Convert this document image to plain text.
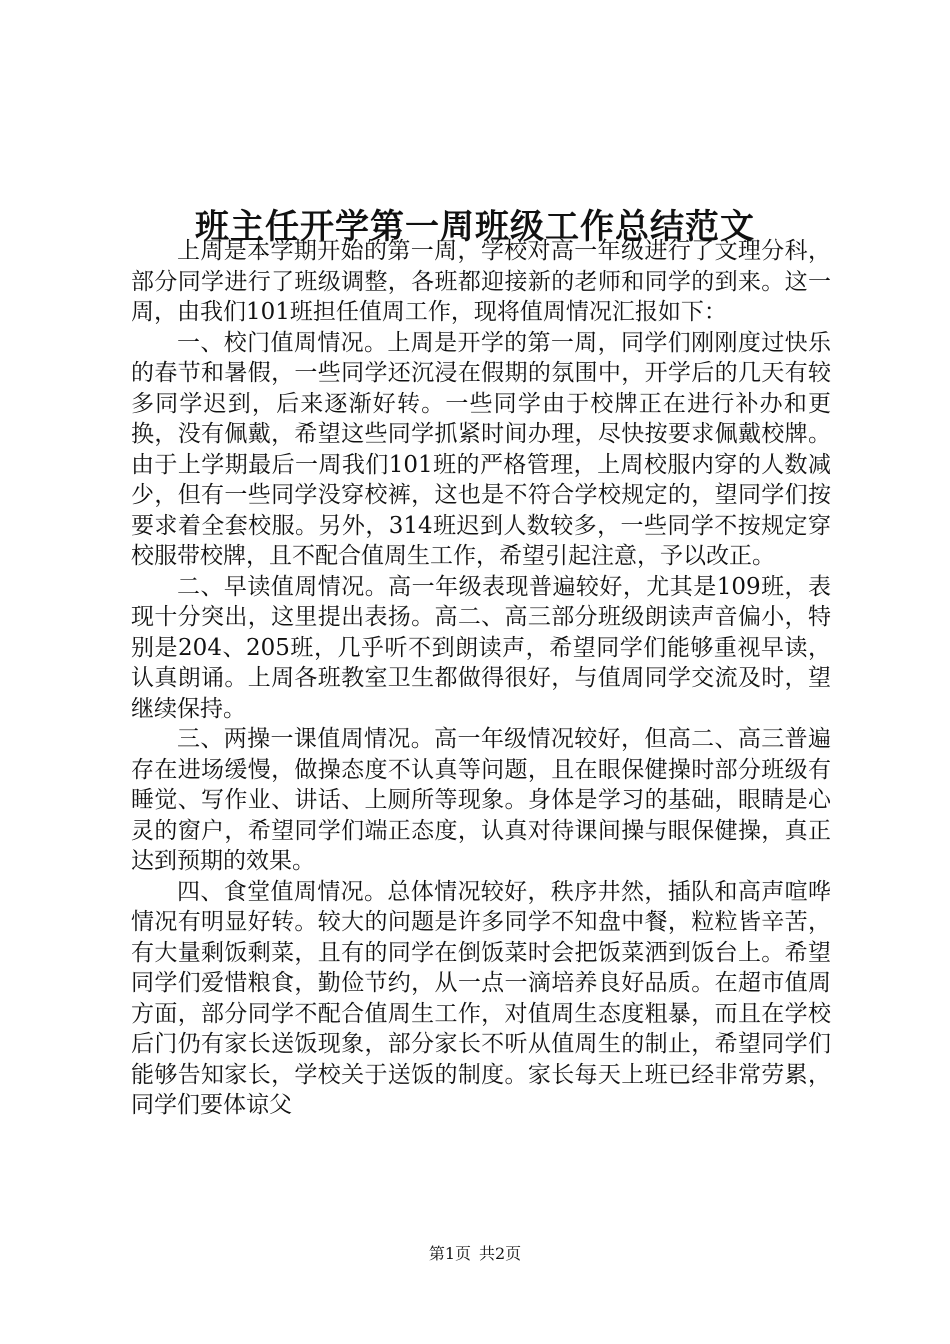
班主任开学第一周班级工作总结范文

上周是本学期开始的第一周，学校对高一年级进行了文理分科，部分同学进行了班级调整，各班都迎接新的老师和同学的到来。这一周，由我们101班担任值周工作，现将值周情况汇报如下：

一、校门值周情况。上周是开学的第一周，同学们刚刚度过快乐的春节和暑假，一些同学还沉浸在假期的氛围中，开学后的几天有较多同学迟到，后来逐渐好转。一些同学由于校牌正在进行补办和更换，没有佩戴，希望这些同学抓紧时间办理，尽快按要求佩戴校牌。由于上学期最后一周我们101班的严格管理，上周校服内穿的人数减少，但有一些同学没穿校裤，这也是不符合学校规定的，望同学们按要求着全套校服。另外，314班迟到人数较多，一些同学不按规定穿校服带校牌，且不配合值周生工作，希望引起注意，予以改正。

二、早读值周情况。高一年级表现普遍较好，尤其是109班，表现十分突出，这里提出表扬。高二、高三部分班级朗读声音偏小，特别是204、205班，几乎听不到朗读声，希望同学们能够重视早读，认真朗诵。上周各班教室卫生都做得很好，与值周同学交流及时，望继续保持。

三、两操一课值周情况。高一年级情况较好，但高二、高三普遍存在进场缓慢，做操态度不认真等问题，且在眼保健操时部分班级有睡觉、写作业、讲话、上厕所等现象。身体是学习的基础，眼睛是心灵的窗户，希望同学们端正态度，认真对待课间操与眼保健操，真正达到预期的效果。

四、食堂值周情况。总体情况较好，秩序井然，插队和高声喧哗情况有明显好转。较大的问题是许多同学不知盘中餐，粒粒皆辛苦，有大量剩饭剩菜，且有的同学在倒饭菜时会把饭菜洒到饭台上。希望同学们爱惜粮食，勤俭节约，从一点一滴培养良好品质。在超市值周方面，部分同学不配合值周生工作，对值周生态度粗暴，而且在学校后门仍有家长送饭现象，部分家长不听从值周生的制止，希望同学们能够告知家长，学校关于送饭的制度。家长每天上班已经非常劳累，同学们要体谅父

第1页 共2页
